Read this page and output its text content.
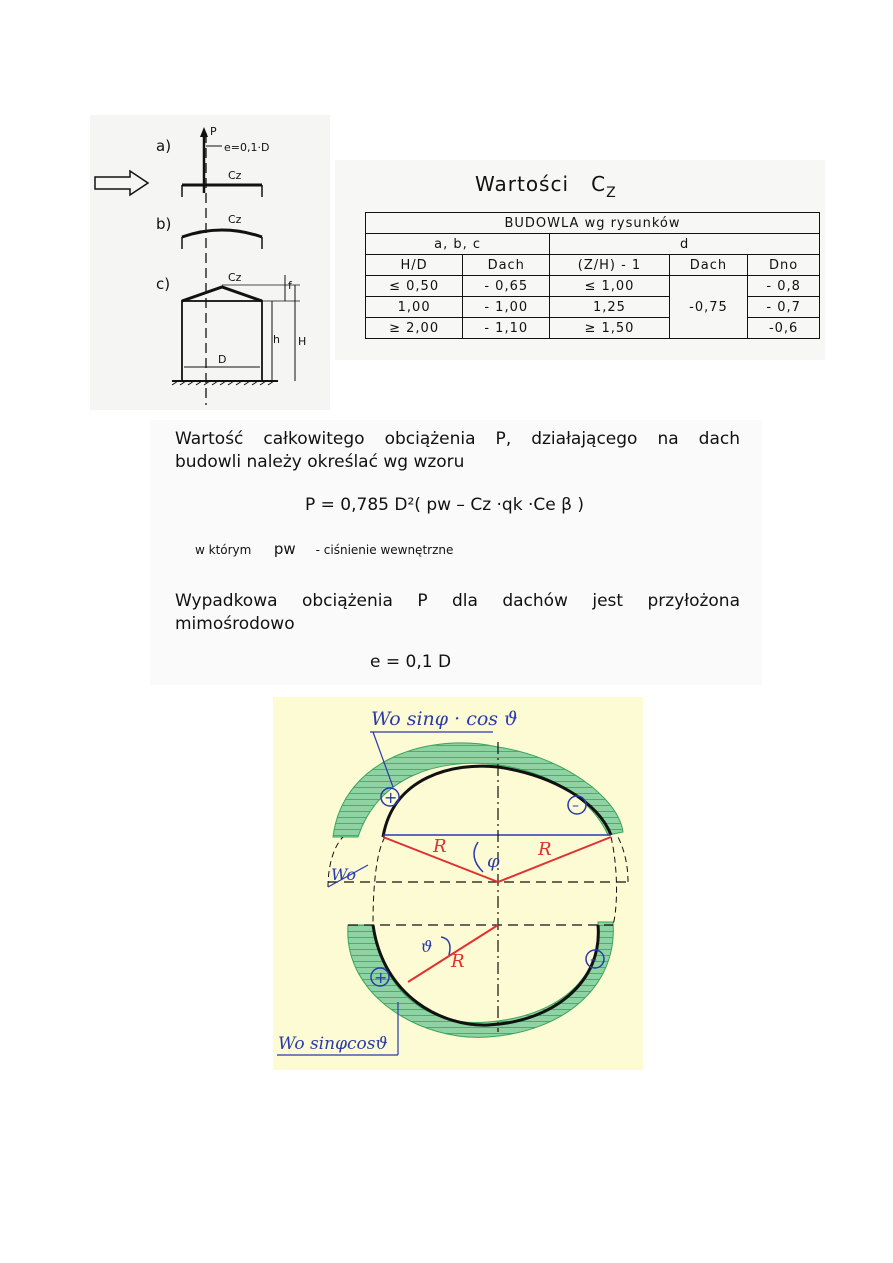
a)
P
e=0,1·D
Cz
b)	Cz
c)	Cz
D
h H
f
Wartości $C_Z$
BUDOWLA wg rysunków				
a, b, c		d		
H/D	Dach	(Z/H) - 1	Dach	Dno
≤ 0,50	- 0,65	≤ 1,00	-0,75	- 0,8
1,00	- 1,00	1,25		- 0,7
≥ 2,00	- 1,10	≥ 1,50		-0,6
Wartość całkowitego obciążenia P, działającego na dach
budowli należy określać wg wzoru
P = 0,785 D²( pw – Cz ·qk ·Ce β )
w którym pw - ciśnienie wewnętrzne
Wypadkowa obciążenia P dla dachów jest przyłożona
mimośrodowo
e = 0,1 D
R	R
R
φ
ϑ
+	–
+
–
Wo sinφ · cos ϑ
Wo
Wo sinφcosϑ
